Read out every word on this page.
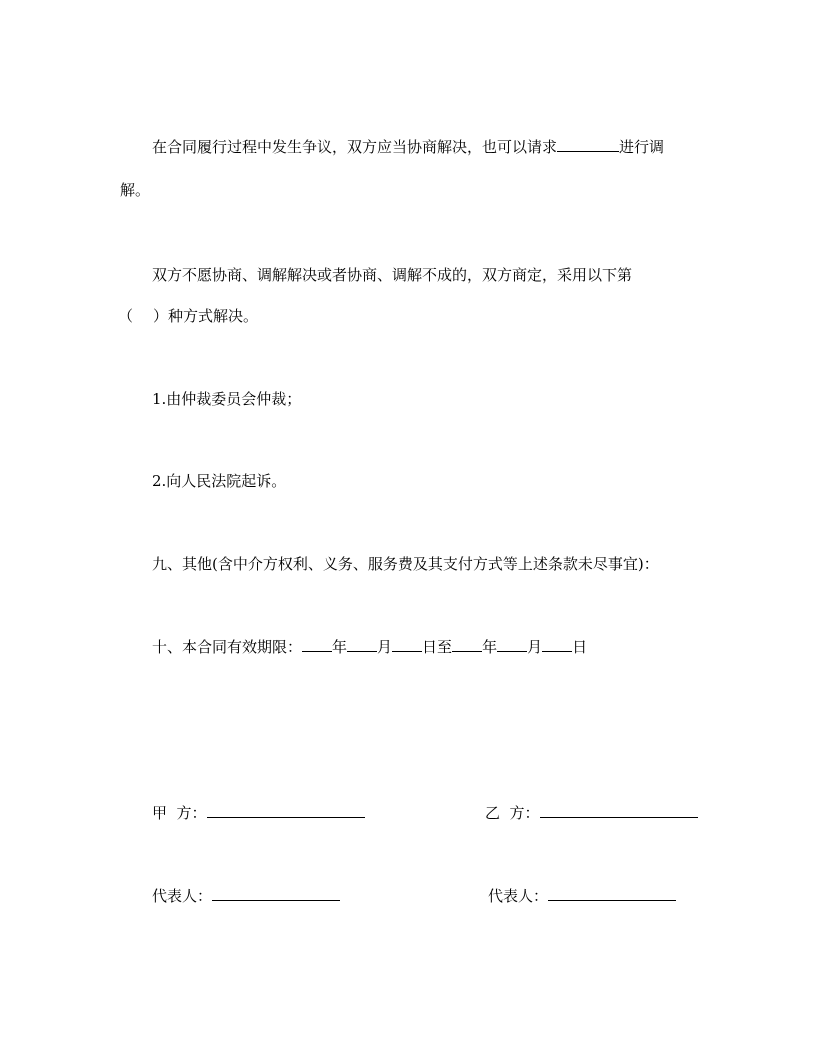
在合同履行过程中发生争议，双方应当协商解决，也可以请求	进行调
解。
双方不愿协商、调解解决或者协商、调解不成的，双方商定，采用以下第
（ ）种方式解决。
1.由仲裁委员会仲裁；
2.向人民法院起诉。
九、其他(含中介方权利、义务、服务费及其支付方式等上述条款未尽事宜)：
十、本合同有效期限： 年 月 日至 年 月 日
甲  方：	乙  方：
代表人：	代表人：
